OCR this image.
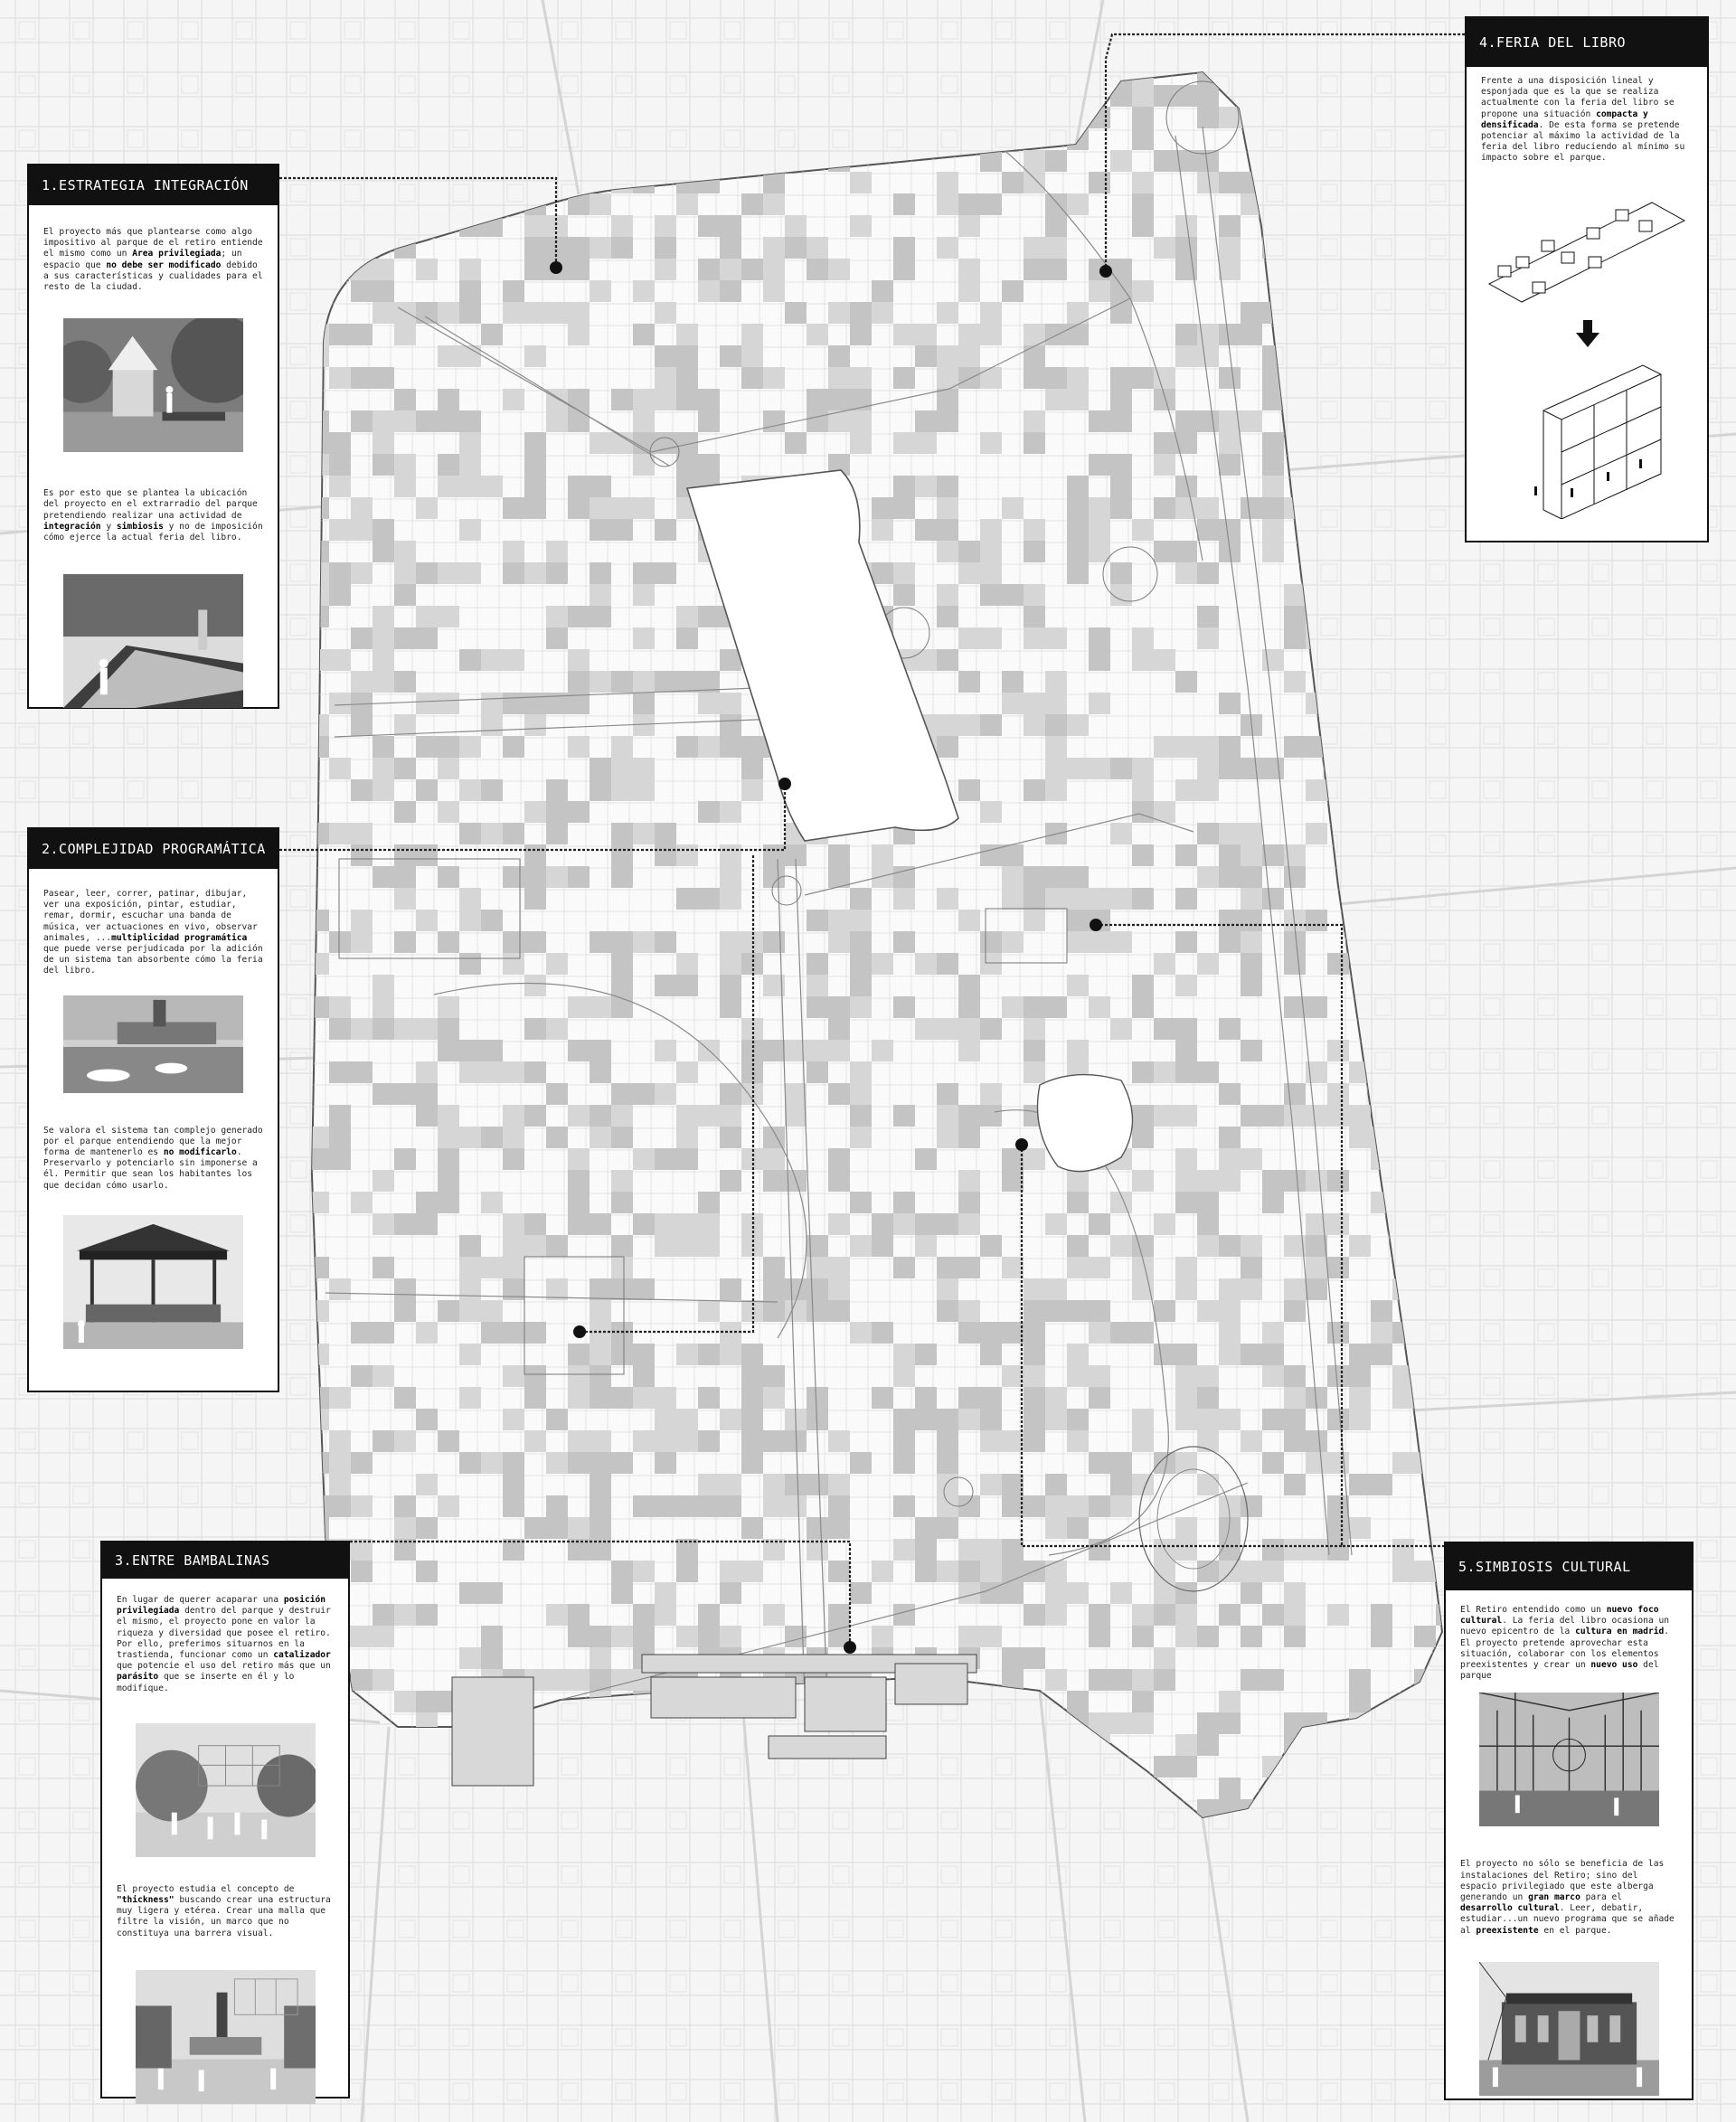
1.ESTRATEGIA INTEGRACIÓN

El proyecto más que plantearse como algo impositivo al parque de el retiro entiende el mismo como un Area privilegiada; un espacio que no debe ser modificado debido a sus características y cualidades para el resto de la ciudad.

Es por esto que se plantea la ubicación del proyecto en el extrarradio del parque pretendiendo realizar una actividad de integración y simbiosis y no de imposición cómo ejerce la actual feria del libro.

2.COMPLEJIDAD PROGRAMÁTICA

Pasear, leer, correr, patinar, dibujar, ver una exposición, pintar, estudiar, remar, dormir, escuchar una banda de música, ver actuaciones en vivo, observar animales, ...multiplicidad programática que puede verse perjudicada por la adición de un sistema tan absorbente cómo la feria del libro.

Se valora el sistema tan complejo generado por el parque entendiendo que la mejor forma de mantenerlo es no modificarlo. Preservarlo y potenciarlo sin imponerse a él. Permitir que sean los habitantes los que decidan cómo usarlo.

3.ENTRE BAMBALINAS

En lugar de querer acaparar una posición privilegiada dentro del parque y destruir el mismo, el proyecto pone en valor la riqueza y diversidad que posee el retiro. Por ello, preferimos situarnos en la trastienda, funcionar como un catalizador que potencie el uso del retiro más que un parásito que se inserte en él y lo modifique.

El proyecto estudia el concepto de "thickness" buscando crear una estructura muy ligera y etérea. Crear una malla que filtre la visión, un marco que no constituya una barrera visual.

4.FERIA DEL LIBRO

Frente a una disposición lineal y esponjada que es la que se realiza actualmente con la feria del libro se propone una situación compacta y densificada. De esta forma se pretende potenciar al máximo la actividad de la feria del libro reduciendo al mínimo su impacto sobre el parque.

5.SIMBIOSIS CULTURAL

El Retiro entendido como un nuevo foco cultural. La feria del libro ocasiona un nuevo epicentro de la cultura en madrid. El proyecto pretende aprovechar esta situación, colaborar con los elementos preexistentes y crear un nuevo uso del parque

El proyecto no sólo se beneficia de las instalaciones del Retiro; sino del espacio privilegiado que este alberga generando un gran marco para el desarrollo cultural. Leer, debatir, estudiar...un nuevo programa que se añade al preexistente en el parque.
